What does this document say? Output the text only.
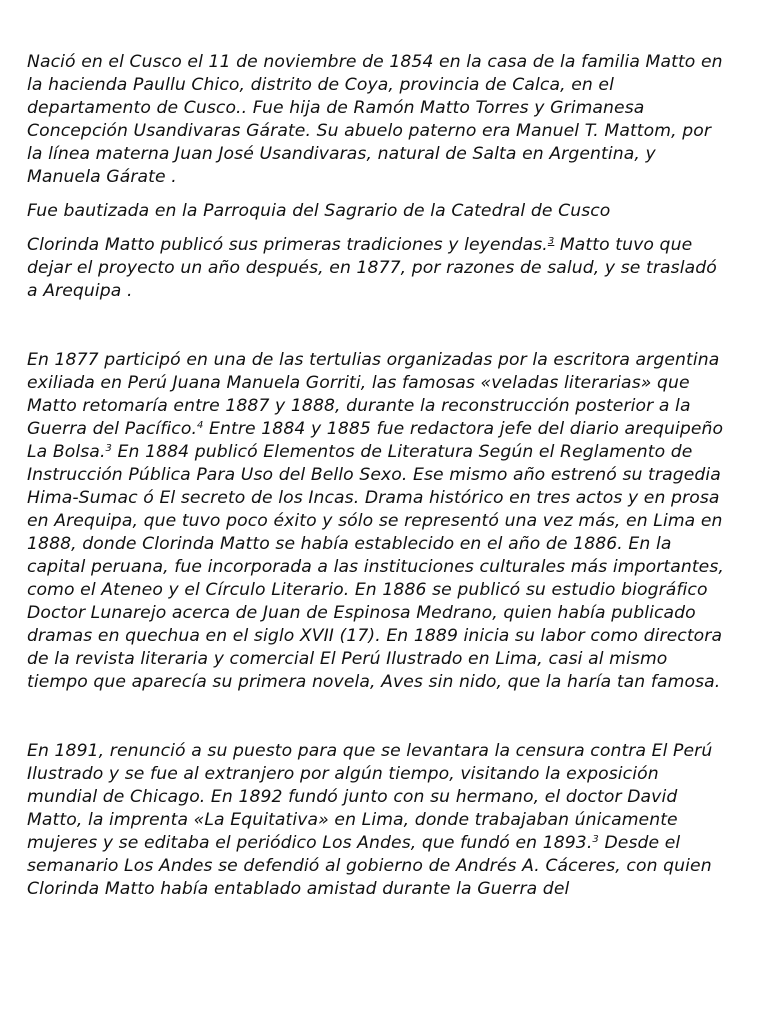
Nació en el Cusco el 11 de noviembre de 1854 en la casa de la familia Matto en la hacienda Paullu Chico, distrito de Coya, provincia de Calca, en el departamento de Cusco.. Fue hija de Ramón Matto Torres y Grimanesa Concepción Usandivaras Gárate. Su abuelo paterno era Manuel T. Mattom, por la línea materna Juan José Usandivaras, natural de Salta en Argentina, y Manuela Gárate .

Fue bautizada en la Parroquia del Sagrario de la Catedral de Cusco

Clorinda Matto publicó sus primeras tradiciones y leyendas.$^3$ Matto tuvo que dejar el proyecto un año después, en 1877, por razones de salud, y se trasladó a Arequipa .

En 1877 participó en una de las tertulias organizadas por la escritora argentina exiliada en Perú Juana Manuela Gorriti, las famosas «veladas literarias» que Matto retomaría entre 1887 y 1888, durante la reconstrucción posterior a la Guerra del Pacífico.$^4$ Entre 1884 y 1885 fue redactora jefe del diario arequipeño La Bolsa.$^3$ En 1884 publicó Elementos de Literatura Según el Reglamento de Instrucción Pública Para Uso del Bello Sexo. Ese mismo año estrenó su tragedia Hima-Sumac ó El secreto de los Incas. Drama histórico en tres actos y en prosa en Arequipa, que tuvo poco éxito y sólo se representó una vez más, en Lima en 1888, donde Clorinda Matto se había establecido en el año de 1886. En la capital peruana, fue incorporada a las instituciones culturales más importantes, como el Ateneo y el Círculo Literario. En 1886 se publicó su estudio biográfico Doctor Lunarejo acerca de Juan de Espinosa Medrano, quien había publicado dramas en quechua en el siglo XVII (17). En 1889 inicia su labor como directora de la revista literaria y comercial El Perú Ilustrado en Lima, casi al mismo tiempo que aparecía su primera novela, Aves sin nido, que la haría tan famosa.

En 1891, renunció a su puesto para que se levantara la censura contra El Perú Ilustrado y se fue al extranjero por algún tiempo, visitando la exposición mundial de Chicago. En 1892 fundó junto con su hermano, el doctor David Matto, la imprenta «La Equitativa» en Lima, donde trabajaban únicamente mujeres y se editaba el periódico Los Andes, que fundó en 1893.$^3$ Desde el semanario Los Andes se defendió al gobierno de Andrés A. Cáceres, con quien Clorinda Matto había entablado amistad durante la Guerra del
